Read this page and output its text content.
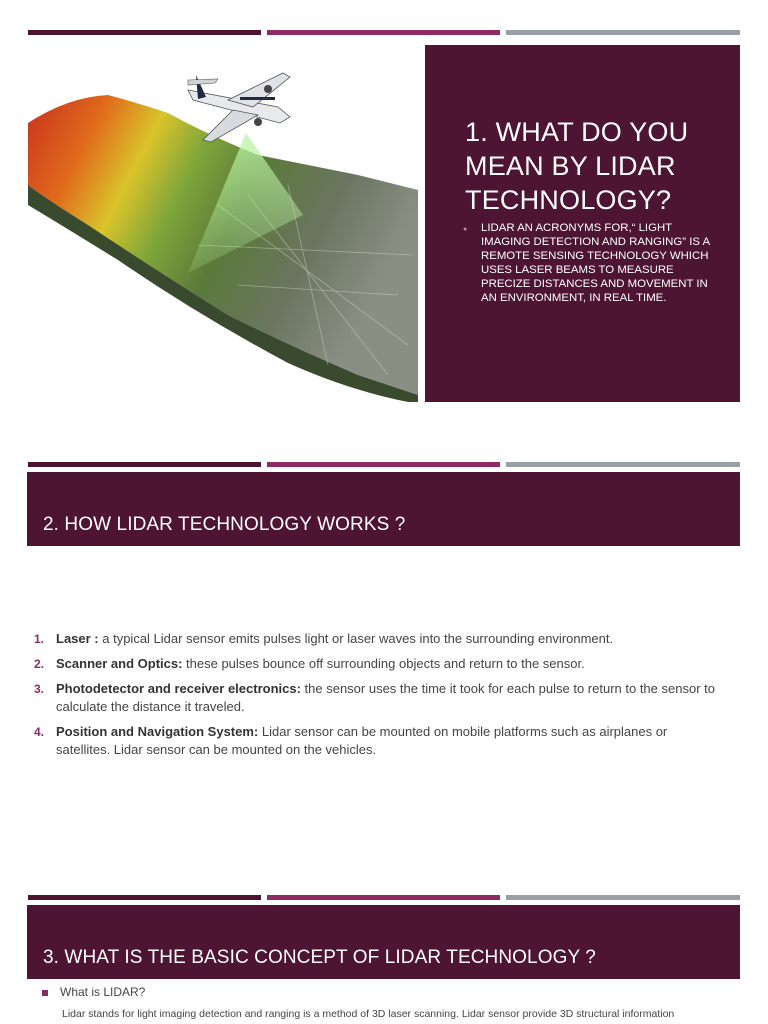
1. WHAT DO YOU MEAN BY LIDAR TECHNOLOGY?
●	LIDAR AN ACRONYMS FOR,“ LIGHT IMAGING DETECTION AND RANGING” IS A REMOTE SENSING TECHNOLOGY WHICH USES LASER BEAMS TO MEASURE PRECIZE DISTANCES AND MOVEMENT IN AN ENVIRONMENT, IN REAL TIME.
2. HOW LIDAR TECHNOLOGY WORKS ?
1. Laser : a typical Lidar sensor emits pulses light or laser waves into the surrounding environment.
2. Scanner and Optics: these pulses bounce off surrounding objects and return to the sensor.
3. Photodetector and receiver electronics: the sensor uses the time it took for each pulse to return to the sensor to calculate the distance it traveled.
4. Position and Navigation System: Lidar sensor can be mounted on mobile platforms such as airplanes or satellites. Lidar sensor can be mounted on the vehicles.
3. WHAT IS THE BASIC CONCEPT OF LIDAR TECHNOLOGY ?
What is LIDAR?
Lidar stands for light imaging detection and ranging is a method of 3D laser scanning. Lidar sensor provide 3D structural information
